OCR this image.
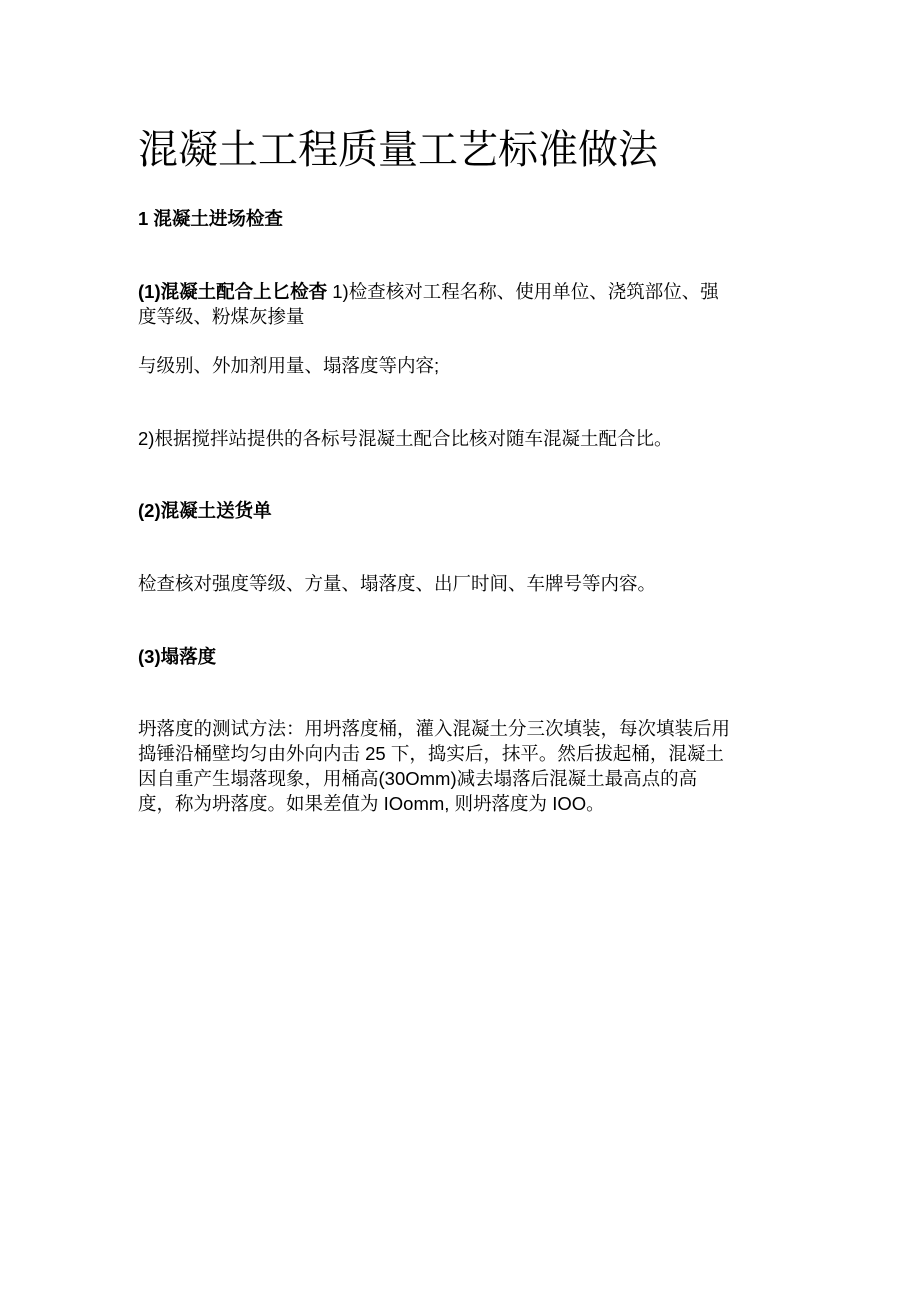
混凝土工程质量工艺标准做法

1 混凝土进场检查

(1)混凝土配合上匕检杳 1)检查核对工程名称、使用单位、浇筑部位、强
度等级、粉煤灰掺量

与级别、外加剂用量、塌落度等内容;

2)根据搅拌站提供的各标号混凝土配合比核对随车混凝土配合比。

(2)混凝土送货单

检查核对强度等级、方量、塌落度、出厂时间、车牌号等内容。

(3)塌落度

坍落度的测试方法：用坍落度桶，灌入混凝土分三次填装，每次填装后用
捣锤沿桶壁均匀由外向内击 25 下，捣实后，抹平。然后拔起桶，混凝土
因自重产生塌落现象，用桶高(30Omm)减去塌落后混凝土最高点的高
度，称为坍落度。如果差值为 IOomm, 则坍落度为 IOO。
